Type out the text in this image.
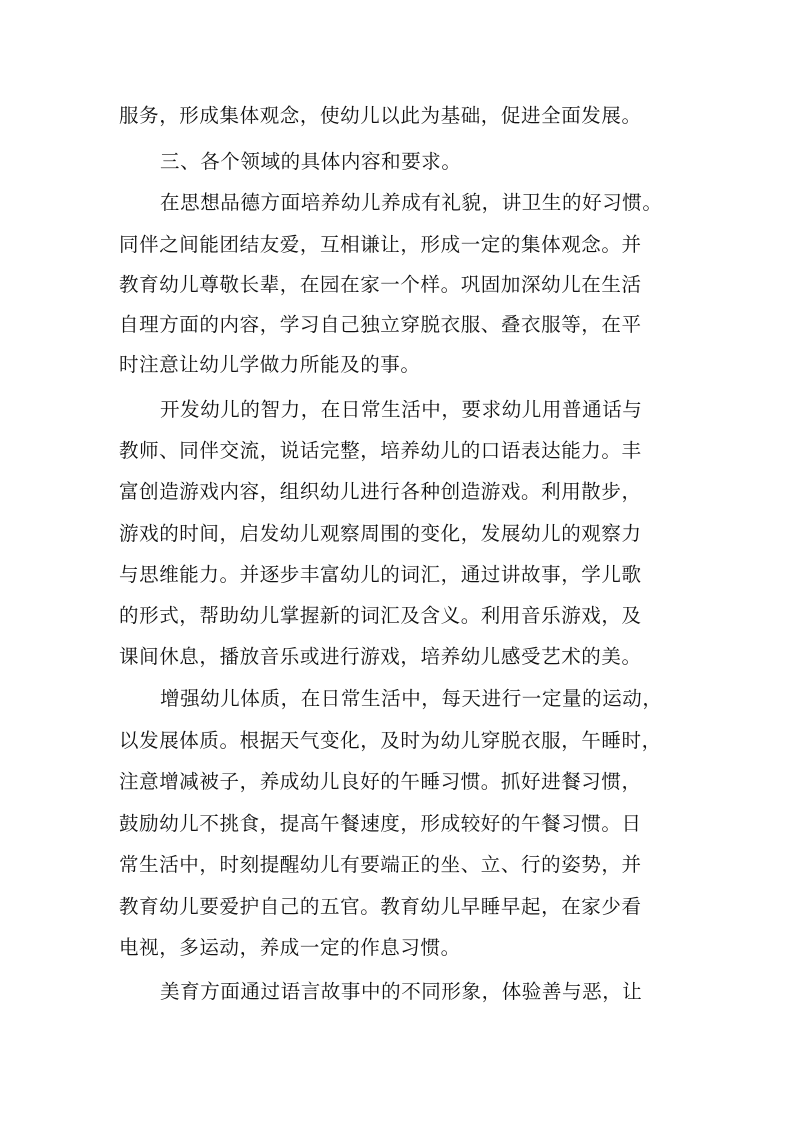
服务，形成集体观念，使幼儿以此为基础，促进全面发展。
三、各个领域的具体内容和要求。
在思想品德方面培养幼儿养成有礼貌，讲卫生的好习惯。
同伴之间能团结友爱，互相谦让，形成一定的集体观念。并
教育幼儿尊敬长辈，在园在家一个样。巩固加深幼儿在生活
自理方面的内容，学习自己独立穿脱衣服、叠衣服等，在平
时注意让幼儿学做力所能及的事。
开发幼儿的智力，在日常生活中，要求幼儿用普通话与
教师、同伴交流，说话完整，培养幼儿的口语表达能力。丰
富创造游戏内容，组织幼儿进行各种创造游戏。利用散步，
游戏的时间，启发幼儿观察周围的变化，发展幼儿的观察力
与思维能力。并逐步丰富幼儿的词汇，通过讲故事，学儿歌
的形式，帮助幼儿掌握新的词汇及含义。利用音乐游戏，及
课间休息，播放音乐或进行游戏，培养幼儿感受艺术的美。
增强幼儿体质，在日常生活中，每天进行一定量的运动，
以发展体质。根据天气变化，及时为幼儿穿脱衣服，午睡时，
注意增减被子，养成幼儿良好的午睡习惯。抓好进餐习惯，
鼓励幼儿不挑食，提高午餐速度，形成较好的午餐习惯。日
常生活中，时刻提醒幼儿有要端正的坐、立、行的姿势，并
教育幼儿要爱护自己的五官。教育幼儿早睡早起，在家少看
电视，多运动，养成一定的作息习惯。
美育方面通过语言故事中的不同形象，体验善与恶，让
